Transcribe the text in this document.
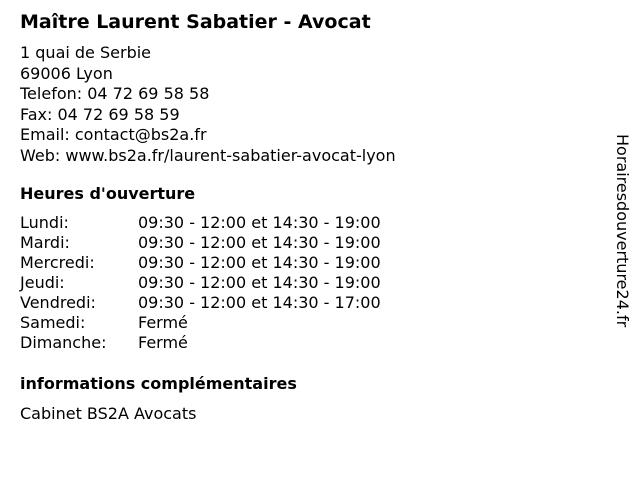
Maître Laurent Sabatier - Avocat
1 quai de Serbie
69006 Lyon
Telefon: 04 72 69 58 58
Fax: 04 72 69 58 59
Email: contact@bs2a.fr
Web: www.bs2a.fr/laurent-sabatier-avocat-lyon
Heures d'ouverture
Lundi:	09:30 - 12:00 et 14:30 - 19:00
Mardi:	09:30 - 12:00 et 14:30 - 19:00
Mercredi:	09:30 - 12:00 et 14:30 - 19:00
Jeudi:	09:30 - 12:00 et 14:30 - 19:00
Vendredi:	09:30 - 12:00 et 14:30 - 17:00
Samedi:	Fermé
Dimanche: Fermé
informations complémentaires
Cabinet BS2A Avocats
Horairesdouverture24.fr
